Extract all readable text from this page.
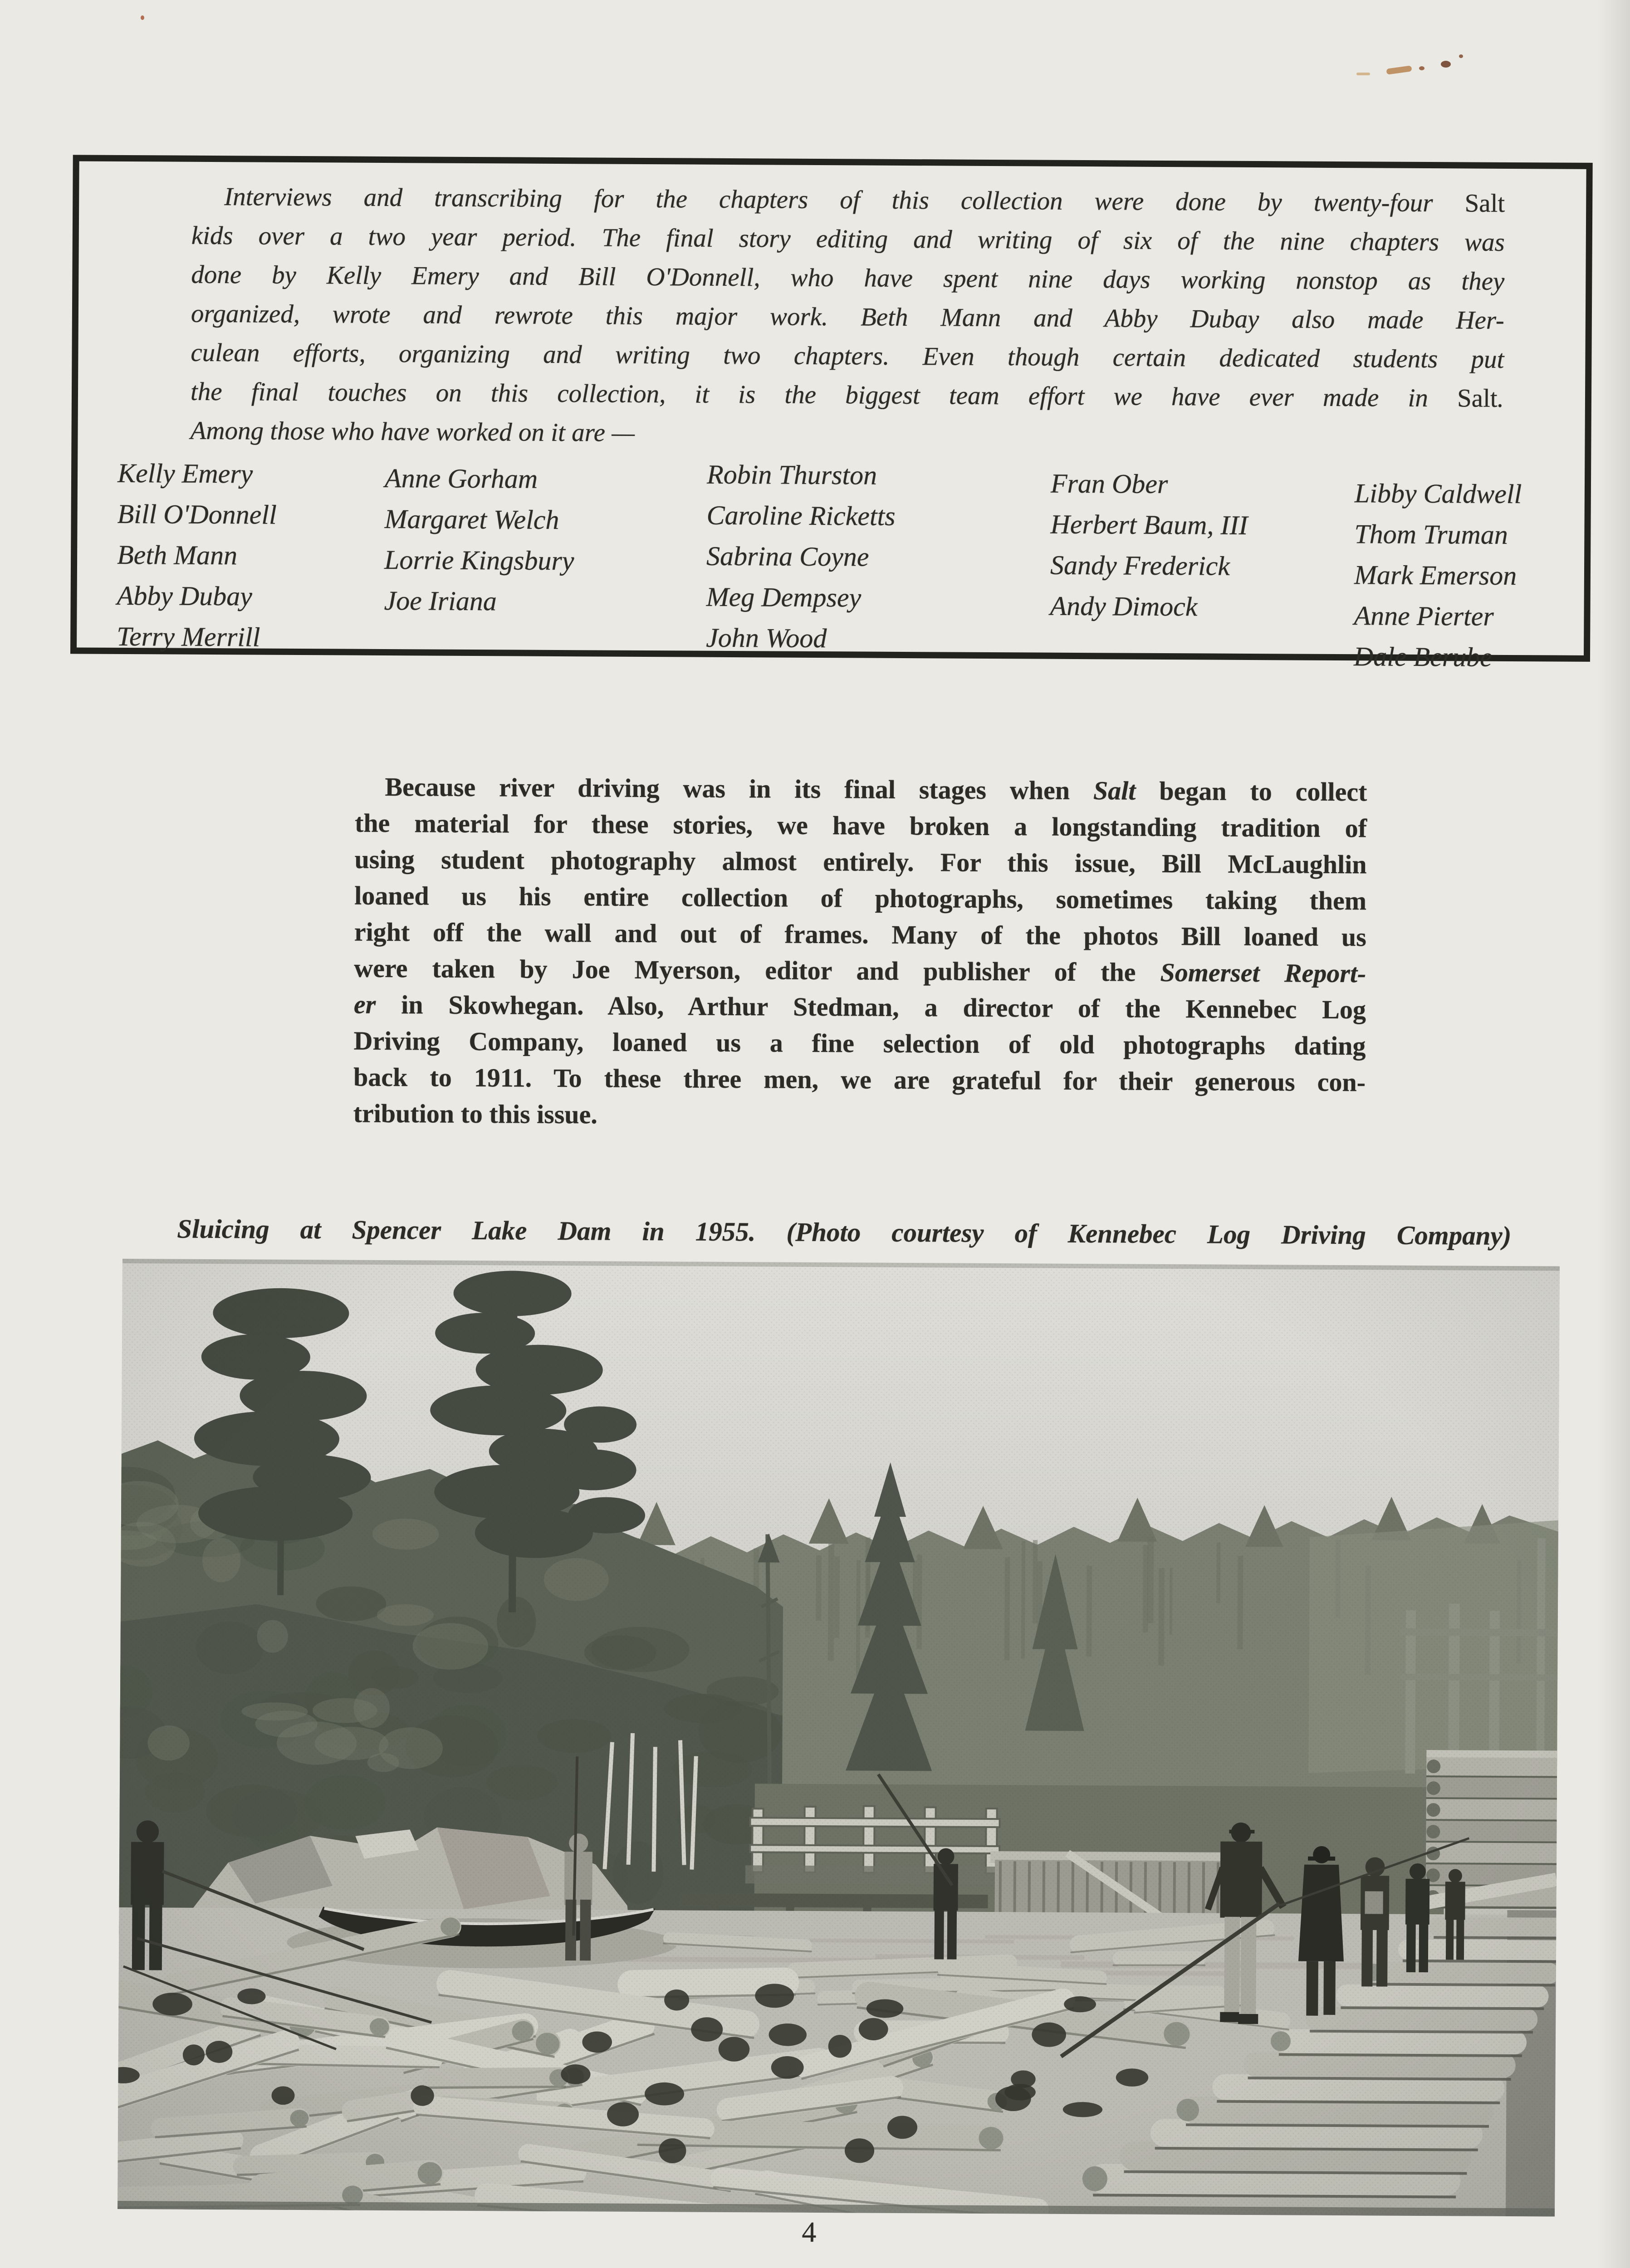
Interviews and transcribing for the chapters of this collection were done by twenty-four Salt
kids over a two year period. The final story editing and writing of six of the nine chapters was
done by Kelly Emery and Bill O'Donnell, who have spent nine days working nonstop as they
organized, wrote and rewrote this major work. Beth Mann and Abby Dubay also made Her-
culean efforts, organizing and writing two chapters. Even though certain dedicated students put
the final touches on this collection, it is the biggest team effort we have ever made in Salt.
Among those who have worked on it are —
Kelly Emery
Bill O'Donnell
Beth Mann
Abby Dubay
Terry Merrill
Anne Gorham
Margaret Welch
Lorrie Kingsbury
Joe Iriana
Robin Thurston
Caroline Ricketts
Sabrina Coyne
Meg Dempsey
John Wood
Fran Ober
Herbert Baum, III
Sandy Frederick
Andy Dimock
Libby Caldwell
Thom Truman
Mark Emerson
Anne Pierter
Dale Berube
Because river driving was in its final stages when Salt began to collect
the material for these stories, we have broken a longstanding tradition of
using student photography almost entirely. For this issue, Bill McLaughlin
loaned us his entire collection of photographs, sometimes taking them
right off the wall and out of frames. Many of the photos Bill loaned us
were taken by Joe Myerson, editor and publisher of the Somerset Report-
er in Skowhegan. Also, Arthur Stedman, a director of the Kennebec Log
Driving Company, loaned us a fine selection of old photographs dating
back to 1911. To these three men, we are grateful for their generous con-
tribution to this issue.
Sluicing at Spencer Lake Dam in 1955. (Photo courtesy of Kennebec Log Driving Company)
4
